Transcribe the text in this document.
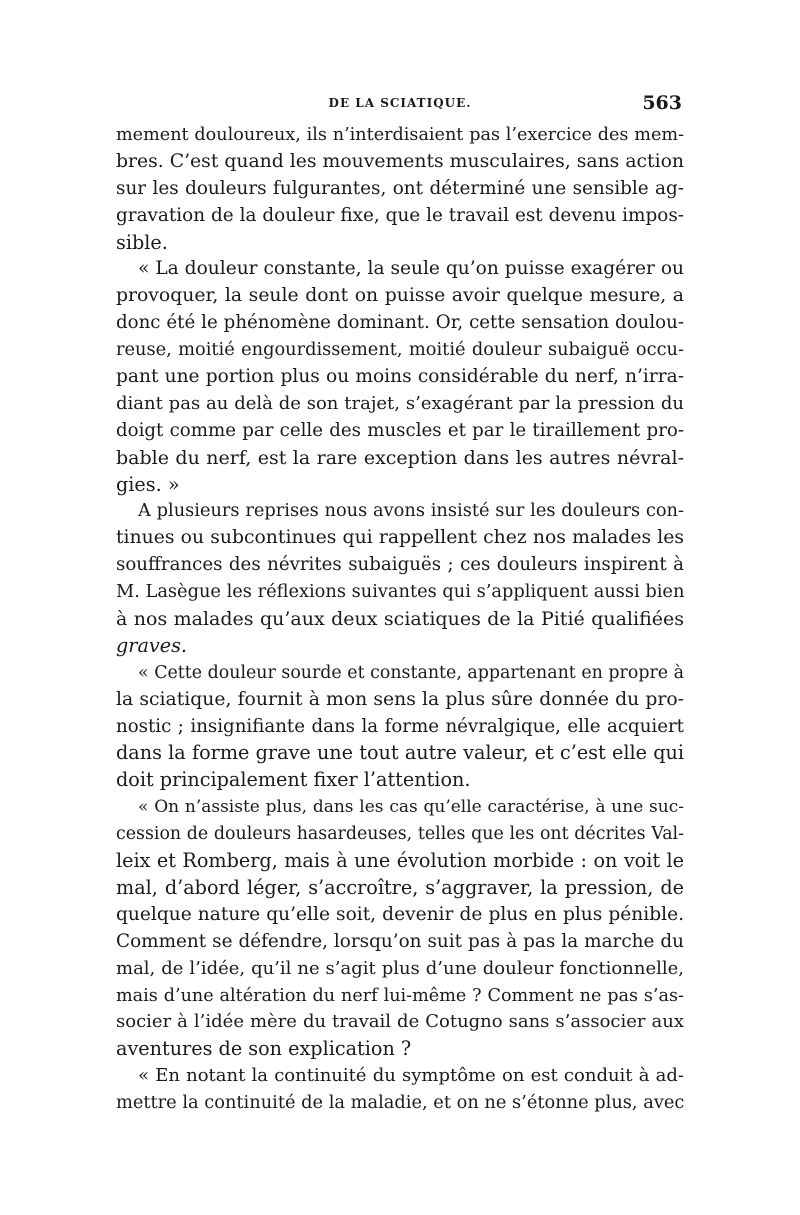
DE LA SCIATIQUE.	563
mement douloureux, ils n’interdisaient pas l’exercice des mem-
bres. C’est quand les mouvements musculaires, sans action
sur les douleurs fulgurantes, ont déterminé une sensible ag-
gravation de la douleur fixe, que le travail est devenu impos-
sible.
« La douleur constante, la seule qu’on puisse exagérer ou
provoquer, la seule dont on puisse avoir quelque mesure, a
donc été le phénomène dominant. Or, cette sensation doulou-
reuse, moitié engourdissement, moitié douleur subaiguë occu-
pant une portion plus ou moins considérable du nerf, n’irra-
diant pas au delà de son trajet, s’exagérant par la pression du
doigt comme par celle des muscles et par le tiraillement pro-
bable du nerf, est la rare exception dans les autres névral-
gies. »
A plusieurs reprises nous avons insisté sur les douleurs con-
tinues ou subcontinues qui rappellent chez nos malades les
souffrances des névrites subaiguës ; ces douleurs inspirent à
M. Lasègue les réflexions suivantes qui s’appliquent aussi bien
à nos malades qu’aux deux sciatiques de la Pitié qualifiées
graves.
« Cette douleur sourde et constante, appartenant en propre à
la sciatique, fournit à mon sens la plus sûre donnée du pro-
nostic ; insignifiante dans la forme névralgique, elle acquiert
dans la forme grave une tout autre valeur, et c’est elle qui
doit principalement fixer l’attention.
« On n’assiste plus, dans les cas qu’elle caractérise, à une suc-
cession de douleurs hasardeuses, telles que les ont décrites Val-
leix et Romberg, mais à une évolution morbide : on voit le
mal, d’abord léger, s’accroître, s’aggraver, la pression, de
quelque nature qu’elle soit, devenir de plus en plus pénible.
Comment se défendre, lorsqu’on suit pas à pas la marche du
mal, de l’idée, qu’il ne s’agit plus d’une douleur fonctionnelle,
mais d’une altération du nerf lui-même ? Comment ne pas s’as-
socier à l’idée mère du travail de Cotugno sans s’associer aux
aventures de son explication ?
« En notant la continuité du symptôme on est conduit à ad-
mettre la continuité de la maladie, et on ne s’étonne plus, avec
